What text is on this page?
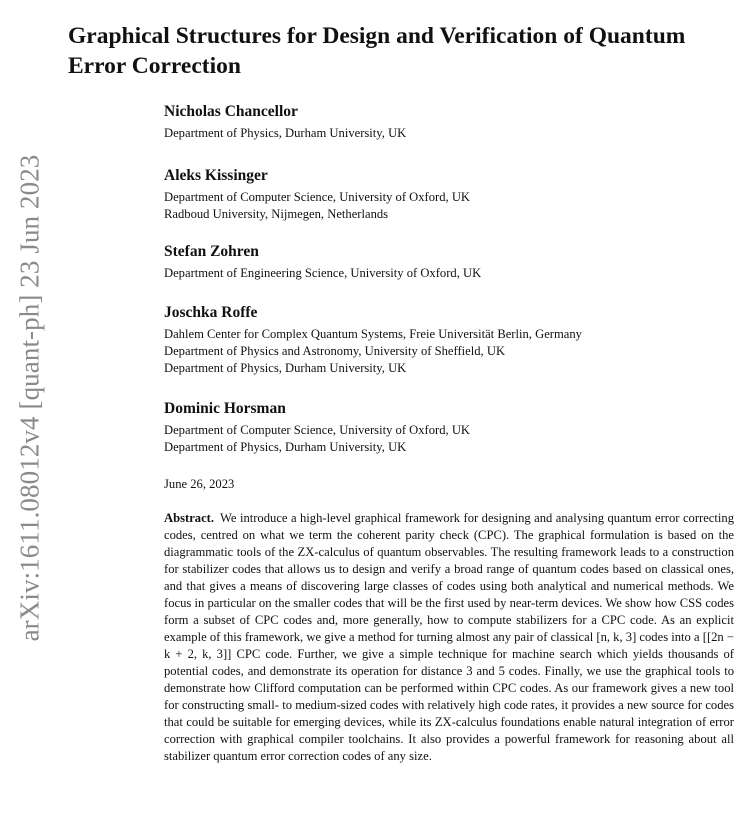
arXiv:1611.08012v4 [quant-ph] 23 Jun 2023
Graphical Structures for Design and Verification of Quantum Error Correction
Nicholas Chancellor
Department of Physics, Durham University, UK
Aleks Kissinger
Department of Computer Science, University of Oxford, UK
Radboud University, Nijmegen, Netherlands
Stefan Zohren
Department of Engineering Science, University of Oxford, UK
Joschka Roffe
Dahlem Center for Complex Quantum Systems, Freie Universität Berlin, Germany
Department of Physics and Astronomy, University of Sheffield, UK
Department of Physics, Durham University, UK
Dominic Horsman
Department of Computer Science, University of Oxford, UK
Department of Physics, Durham University, UK
June 26, 2023

Abstract. We introduce a high-level graphical framework for designing and analysing quantum error correcting codes, centred on what we term the coherent parity check (CPC). The graphical formulation is based on the diagrammatic tools of the ZX-calculus of quantum observables. The resulting framework leads to a construction for stabilizer codes that allows us to design and verify a broad range of quantum codes based on classical ones, and that gives a means of discovering large classes of codes using both analytical and numerical methods. We focus in particular on the smaller codes that will be the first used by near-term devices. We show how CSS codes form a subset of CPC codes and, more generally, how to compute stabilizers for a CPC code. As an explicit example of this framework, we give a method for turning almost any pair of classical [n, k, 3] codes into a [[2n − k + 2, k, 3]] CPC code. Further, we give a simple technique for machine search which yields thousands of potential codes, and demonstrate its operation for distance 3 and 5 codes. Finally, we use the graphical tools to demonstrate how Clifford computation can be performed within CPC codes. As our framework gives a new tool for constructing small- to medium-sized codes with relatively high code rates, it provides a new source for codes that could be suitable for emerging devices, while its ZX-calculus foundations enable natural integration of error correction with graphical compiler toolchains. It also provides a powerful framework for reasoning about all stabilizer quantum error correction codes of any size.
